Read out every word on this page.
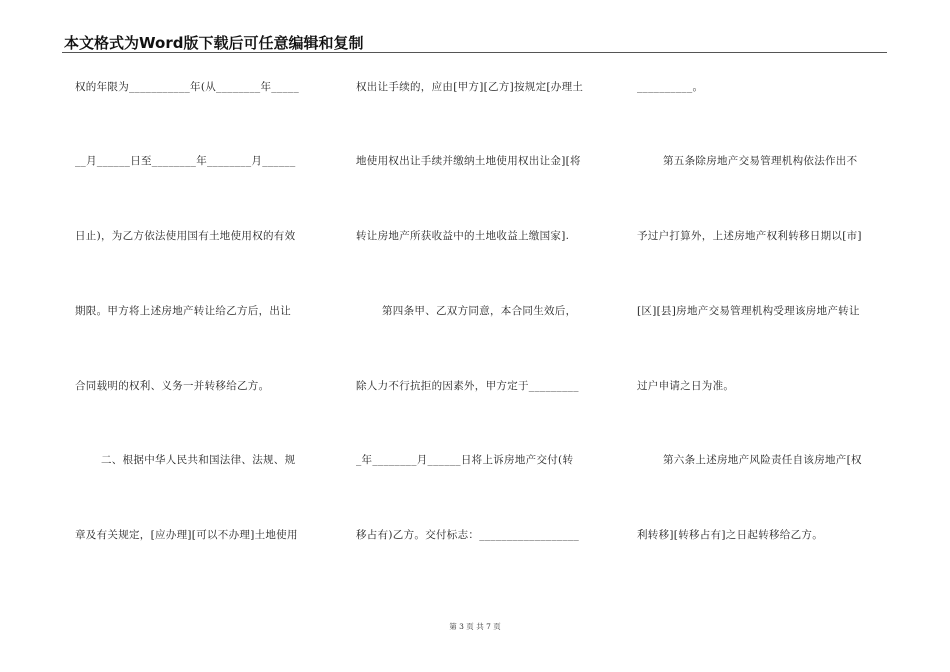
本文格式为Word版下载后可任意编辑和复制
权的年限为___________年(从________年_____
__月______日至________年________月______
日止)，为乙方依法使用国有土地使用权的有效
期限。甲方将上述房地产转让给乙方后，出让
合同载明的权利、义务一并转移给乙方。
二、根据中华人民共和国法律、法规、规
章及有关规定，[应办理][可以不办理]土地使用
权出让手续的，应由[甲方][乙方]按规定[办理土
地使用权出让手续并缴纳土地使用权出让金][将
转让房地产所获收益中的土地收益上缴国家].
第四条甲、乙双方同意，本合同生效后，
除人力不行抗拒的因素外，甲方定于_________
_年________月______日将上诉房地产交付(转
移占有)乙方。交付标志：__________________
__________。
第五条除房地产交易管理机构依法作出不
予过户打算外，上述房地产权利转移日期以[市]
[区][县]房地产交易管理机构受理该房地产转让
过户申请之日为准。
第六条上述房地产风险责任自该房地产[权
利转移][转移占有]之日起转移给乙方。
第 3 页 共 7 页
